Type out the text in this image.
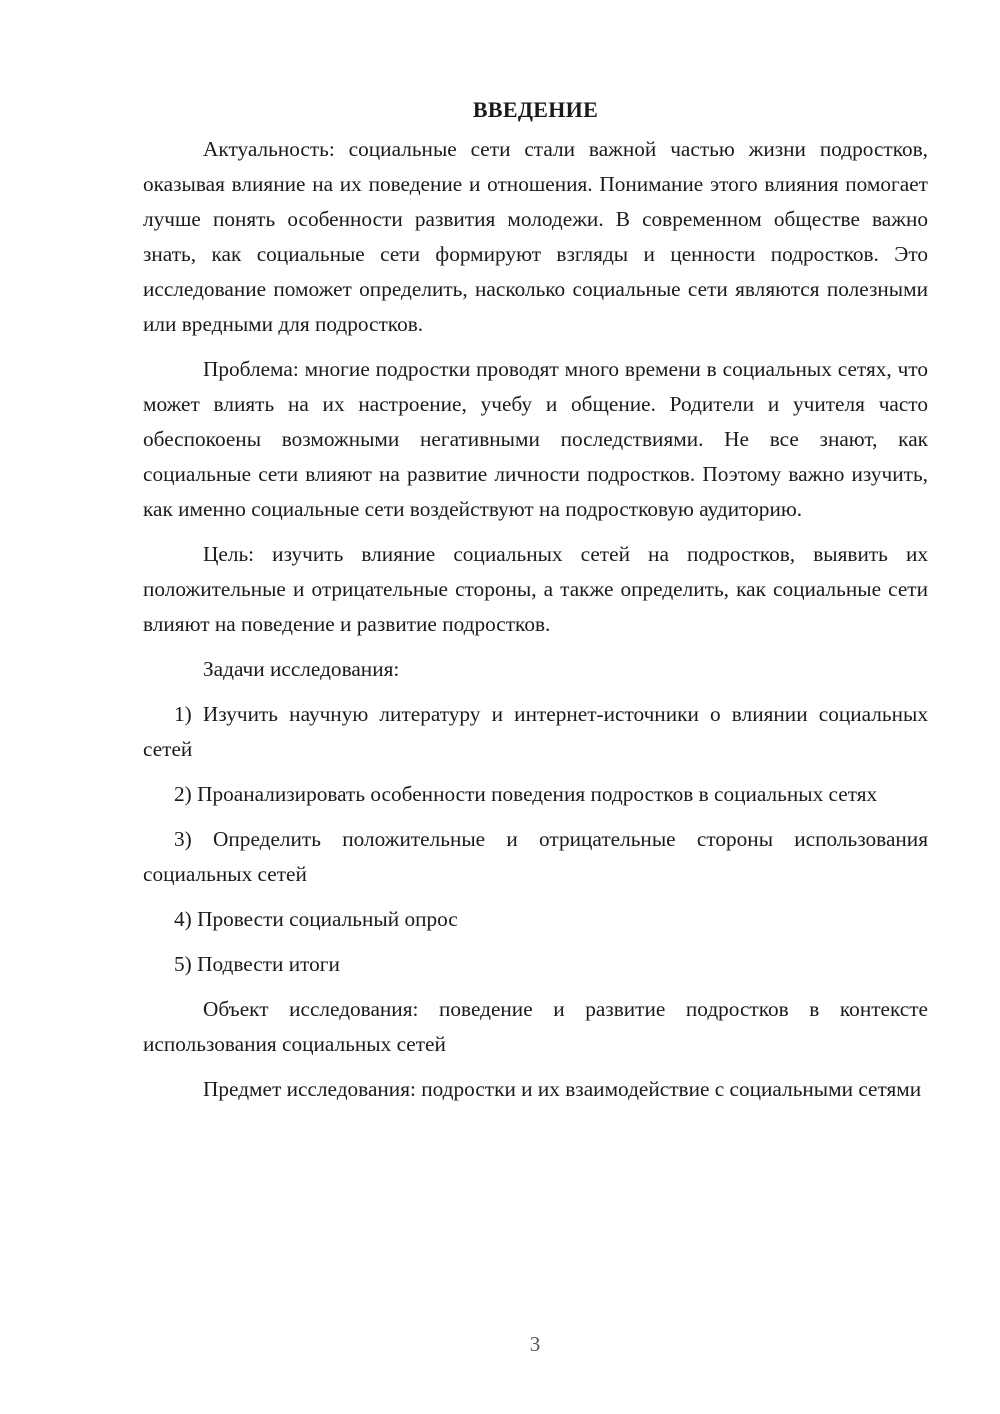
ВВЕДЕНИЕ

Актуальность: социальные сети стали важной частью жизни подростков, оказывая влияние на их поведение и отношения. Понимание этого влияния помогает лучше понять особенности развития молодежи. В современном обществе важно знать, как социальные сети формируют взгляды и ценности подростков. Это исследование поможет определить, насколько социальные сети являются полезными или вредными для подростков.

Проблема: многие подростки проводят много времени в социальных сетях, что может влиять на их настроение, учебу и общение. Родители и учителя часто обеспокоены возможными негативными последствиями. Не все знают, как социальные сети влияют на развитие личности подростков. Поэтому важно изучить, как именно социальные сети воздействуют на подростковую аудиторию.

Цель: изучить влияние социальных сетей на подростков, выявить их положительные и отрицательные стороны, а также определить, как социальные сети влияют на поведение и развитие подростков.

Задачи исследования:

1) Изучить научную литературу и интернет-источники о влиянии социальных сетей

2) Проанализировать особенности поведения подростков в социальных сетях

3) Определить положительные и отрицательные стороны использования социальных сетей

4) Провести социальный опрос

5) Подвести итоги

Объект исследования: поведение и развитие подростков в контексте использования социальных сетей

Предмет исследования: подростки и их взаимодействие с социальными сетями

3
